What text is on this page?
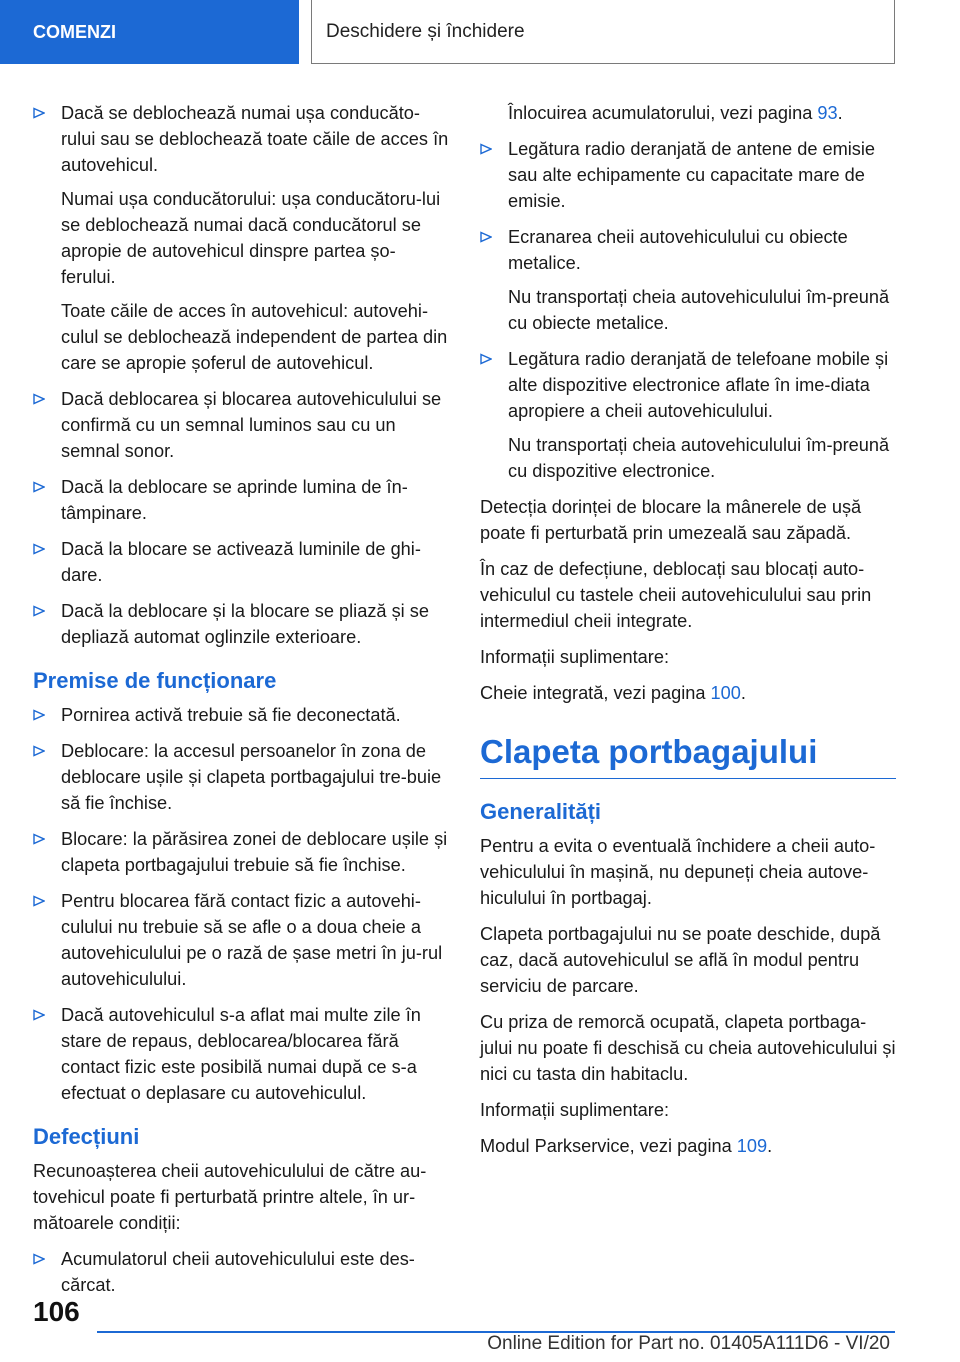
COMENZI	Deschidere și închidere
Dacă se deblochează numai ușa conducăto-rului sau se deblochează toate căile de acces în autovehicul.
Numai ușa conducătorului: ușa conducătoru-lui se deblochează numai dacă conducătorul se apropie de autovehicul dinspre partea șo-ferului.
Toate căile de acces în autovehicul: autovehi-culul se deblochează independent de partea din care se apropie șoferul de autovehicul.
Dacă deblocarea și blocarea autovehiculului se confirmă cu un semnal luminos sau cu un semnal sonor.
Dacă la deblocare se aprinde lumina de în-tâmpinare.
Dacă la blocare se activează luminile de ghi-dare.
Dacă la deblocare și la blocare se pliază și se depliază automat oglinzile exterioare.
Premise de funcționare
Pornirea activă trebuie să fie deconectată.
Deblocare: la accesul persoanelor în zona de deblocare ușile și clapeta portbagajului tre-buie să fie închise.
Blocare: la părăsirea zonei de deblocare ușile și clapeta portbagajului trebuie să fie închise.
Pentru blocarea fără contact fizic a autovehi-culului nu trebuie să se afle o a doua cheie a autovehiculului pe o rază de șase metri în ju-rul autovehiculului.
Dacă autovehiculul s-a aflat mai multe zile în stare de repaus, deblocarea/blocarea fără contact fizic este posibilă numai după ce s-a efectuat o deplasare cu autovehiculul.
Defecțiuni
Recunoașterea cheii autovehiculului de către au-tovehicul poate fi perturbată printre altele, în ur-mătoarele condiții:
Acumulatorul cheii autovehiculului este des-cărcat.
Înlocuirea acumulatorului, vezi pagina 93.
Legătura radio deranjată de antene de emisie sau alte echipamente cu capacitate mare de emisie.
Ecranarea cheii autovehiculului cu obiecte metalice.
Nu transportați cheia autovehiculului îm-preună cu obiecte metalice.
Legătura radio deranjată de telefoane mobile și alte dispozitive electronice aflate în ime-diata apropiere a cheii autovehiculului.
Nu transportați cheia autovehiculului îm-preună cu dispozitive electronice.
Detecția dorinței de blocare la mânerele de ușă poate fi perturbată prin umezeală sau zăpadă.
În caz de defecțiune, deblocați sau blocați auto-vehiculul cu tastele cheii autovehiculului sau prin intermediul cheii integrate.
Informații suplimentare:
Cheie integrată, vezi pagina 100.
Clapeta portbagajului
Generalități
Pentru a evita o eventuală închidere a cheii auto-vehiculului în mașină, nu depuneți cheia autove-hiculului în portbagaj.
Clapeta portbagajului nu se poate deschide, după caz, dacă autovehiculul se află în modul pentru serviciu de parcare.
Cu priza de remorcă ocupată, clapeta portbaga-jului nu poate fi deschisă cu cheia autovehiculului și nici cu tasta din habitaclu.
Informații suplimentare:
Modul Parkservice, vezi pagina 109.
106
Online Edition for Part no. 01405A111D6 - VI/20
